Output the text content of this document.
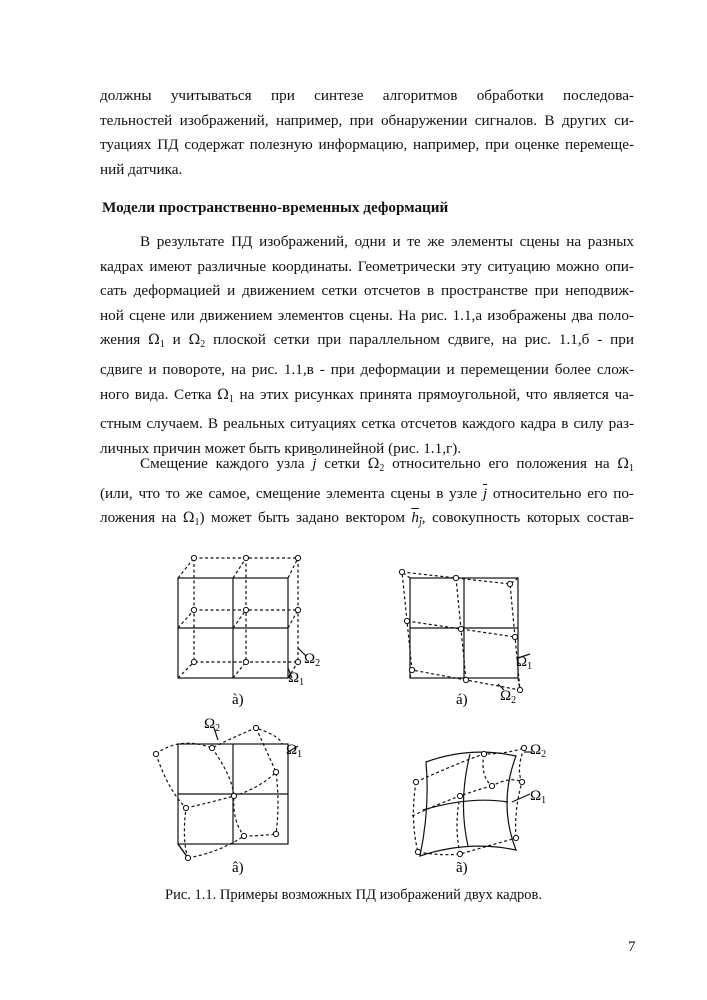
должны учитываться при синтезе алгоритмов обработки последова-

тельностей изображений, например, при обнаружении сигналов. В других си-

туациях ПД содержат полезную информацию, например, при оценке перемеще-

ний датчика.

Модели пространственно-временных деформаций

В результате ПД изображений, одни и те же элементы сцены на разных

кадрах имеют различные координаты. Геометрически эту ситуацию можно опи-

сать деформацией и движением сетки отсчетов в пространстве при неподвиж-

ной сцене или движением элементов сцены. На рис. 1.1,а изображены два поло-

жения $\Omega_1$ и $\Omega_2$ плоской сетки при параллельном сдвиге, на рис. 1.1,б - при

сдвиге и повороте, на рис. 1.1,в - при деформации и перемещении более слож-

ного вида. Сетка $\Omega_1$ на этих рисунках принята прямоугольной, что является ча-

стным случаем. В реальных ситуациях сетка отсчетов каждого кадра в силу раз-

личных причин может быть криволинейной (рис. 1.1,г).

Смещение каждого узла $\overline{j}$ сетки $\Omega_2$ относительно его положения на $\Omega_1$

(или, что то же самое, смещение элемента сцены в узле $\overline{j}$ относительно его по-

ложения на $\Omega_1$) может быть задано вектором $\overline{h}_{j̄}$, совокупность которых состав-

$\Omega_2$
$\Omega_1$
à)
$\Omega_1$
$\Omega_2$
á)
$\Omega_2$
$\Omega_1$
â)
$\Omega_2$
$\Omega_1$
ã)
Рис. 1.1. Примеры возможных ПД изображений двух кадров.
7
